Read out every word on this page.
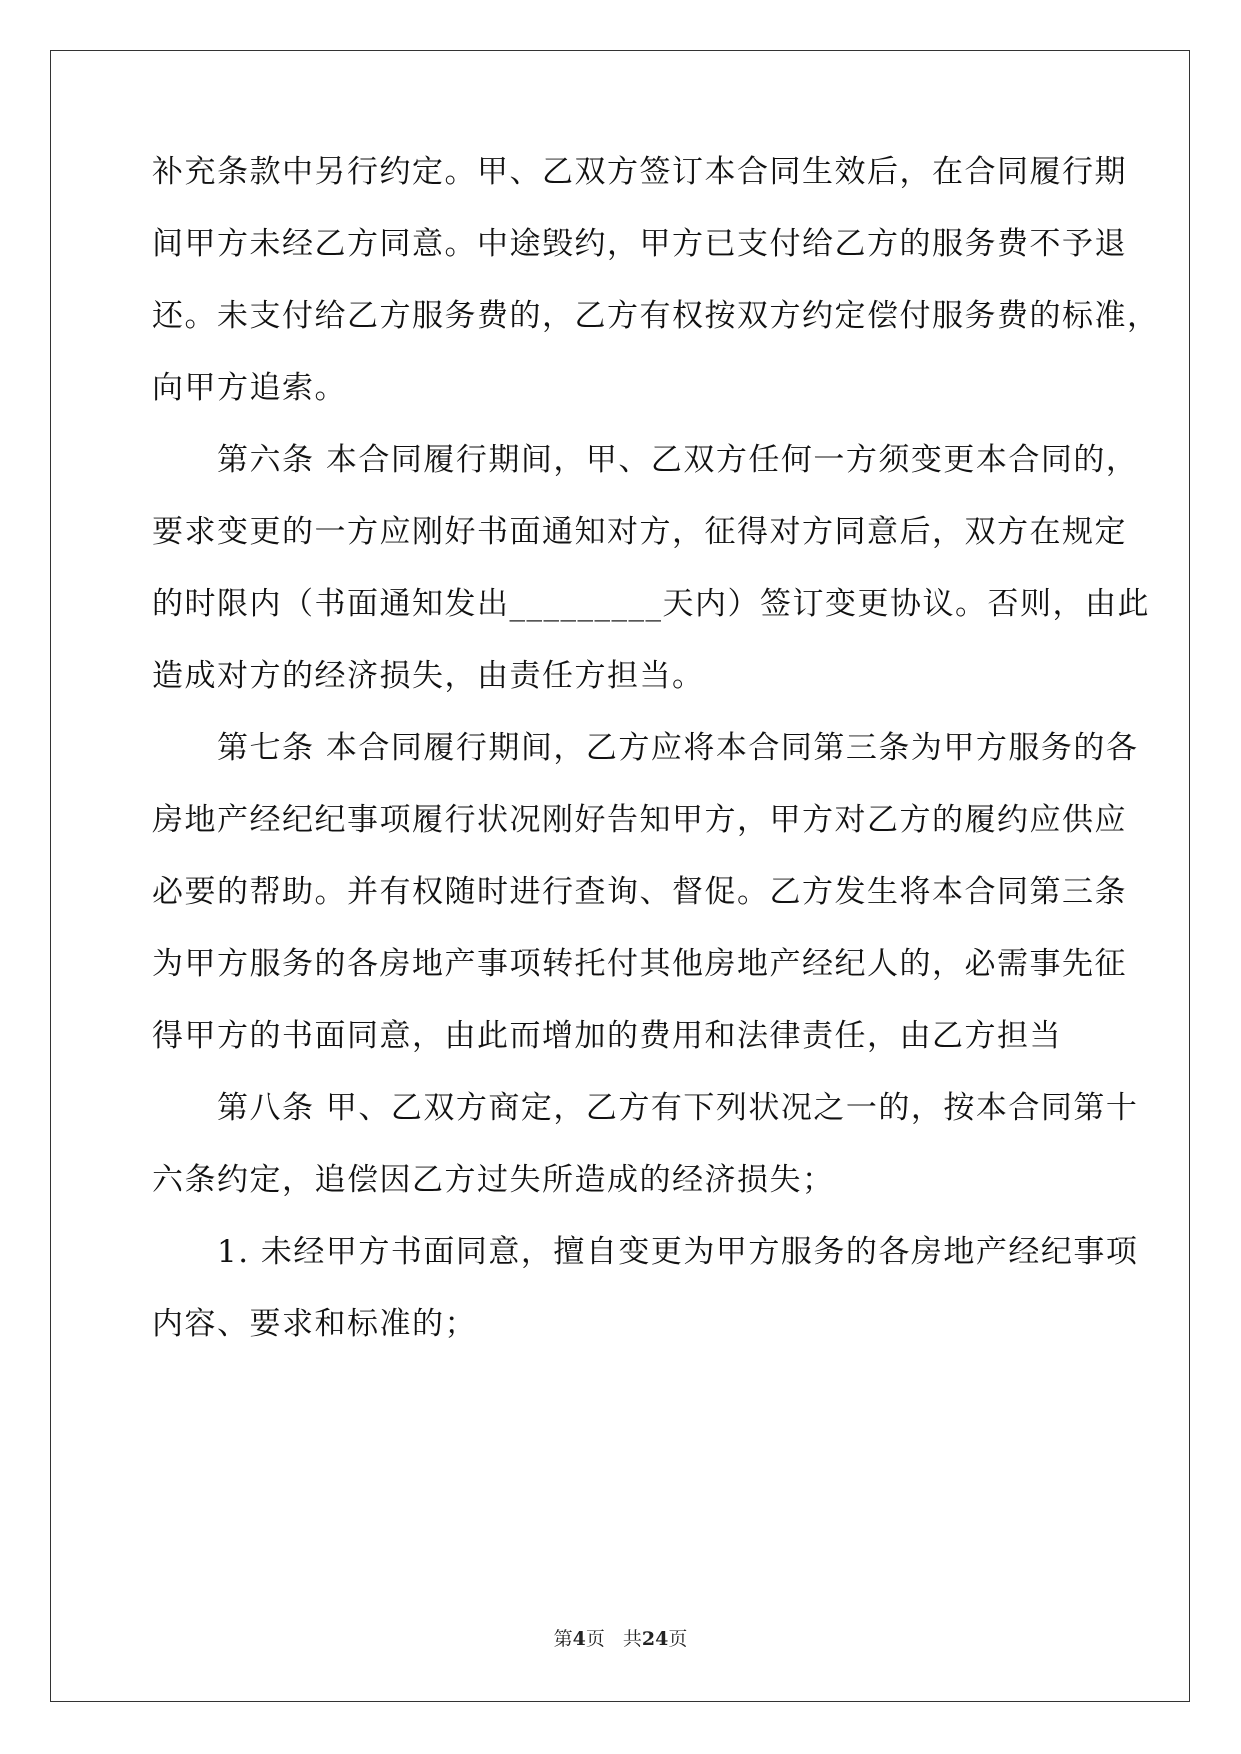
补充条款中另行约定。甲、乙双方签订本合同生效后，在合同履行期
间甲方未经乙方同意。中途毁约，甲方已支付给乙方的服务费不予退
还。未支付给乙方服务费的，乙方有权按双方约定偿付服务费的标准，
向甲方追索。
　　第六条 本合同履行期间，甲、乙双方任何一方须变更本合同的，
要求变更的一方应刚好书面通知对方，征得对方同意后，双方在规定
的时限内（书面通知发出_________天内）签订变更协议。否则，由此
造成对方的经济损失，由责任方担当。
　　第七条 本合同履行期间，乙方应将本合同第三条为甲方服务的各
房地产经纪纪事项履行状况刚好告知甲方，甲方对乙方的履约应供应
必要的帮助。并有权随时进行查询、督促。乙方发生将本合同第三条
为甲方服务的各房地产事项转托付其他房地产经纪人的，必需事先征
得甲方的书面同意，由此而增加的费用和法律责任，由乙方担当
　　第八条 甲、乙双方商定，乙方有下列状况之一的，按本合同第十
六条约定，追偿因乙方过失所造成的经济损失；
　　1. 未经甲方书面同意，擅自变更为甲方服务的各房地产经纪事项
内容、要求和标准的；
第4页 共24页
